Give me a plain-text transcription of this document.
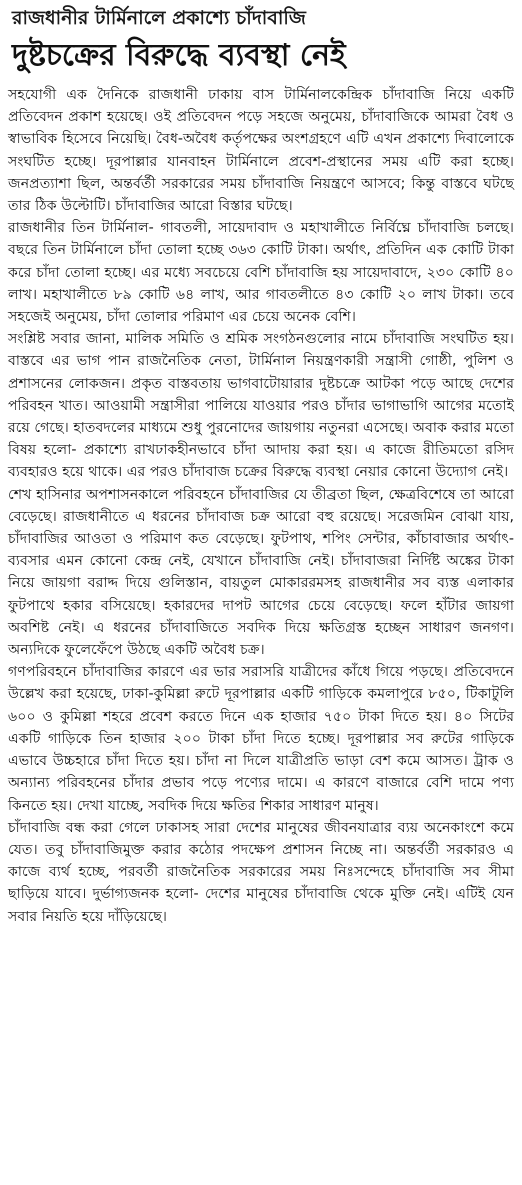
রাজধানীর টার্মিনালে প্রকাশ্যে চাঁদাবাজি
দুষ্টচক্রের বিরুদ্ধে ব্যবস্থা নেই

সহযোগী এক দৈনিকে রাজধানী ঢাকায় বাস টার্মিনালকেন্দ্রিক চাঁদাবাজি নিয়ে একটি প্রতিবেদন প্রকাশ হয়েছে। ওই প্রতিবেদন পড়ে সহজে অনুমেয়, চাঁদাবাজিকে আমরা বৈধ ও স্বাভাবিক হিসেবে নিয়েছি। বৈধ-অবৈধ কর্তৃপক্ষের অংশগ্রহণে এটি এখন প্রকাশ্যে দিবালোকে সংঘটিত হচ্ছে। দূরপাল্লার যানবাহন টার্মিনালে প্রবেশ-প্রস্থানের সময় এটি করা হচ্ছে। জনপ্রত্যাশা ছিল, অন্তর্বর্তী সরকারের সময় চাঁদাবাজি নিয়ন্ত্রণে আসবে; কিন্তু বাস্তবে ঘটছে তার ঠিক উল্টোটি। চাঁদাবাজির আরো বিস্তার ঘটছে।

রাজধানীর তিন টার্মিনাল- গাবতলী, সায়েদাবাদ ও মহাখালীতে নির্বিঘ্নে চাঁদাবাজি চলছে। বছরে তিন টার্মিনালে চাঁদা তোলা হচ্ছে ৩৬৩ কোটি টাকা। অর্থাৎ, প্রতিদিন এক কোটি টাকা করে চাঁদা তোলা হচ্ছে। এর মধ্যে সবচেয়ে বেশি চাঁদাবাজি হয় সায়েদাবাদে, ২৩০ কোটি ৪০ লাখ। মহাখালীতে ৮৯ কোটি ৬৪ লাখ, আর গাবতলীতে ৪৩ কোটি ২০ লাখ টাকা। তবে সহজেই অনুমেয়, চাঁদা তোলার পরিমাণ এর চেয়ে অনেক বেশি।

সংশ্লিষ্ট সবার জানা, মালিক সমিতি ও শ্রমিক সংগঠনগুলোর নামে চাঁদাবাজি সংঘটিত হয়। বাস্তবে এর ভাগ পান রাজনৈতিক নেতা, টার্মিনাল নিয়ন্ত্রণকারী সন্ত্রাসী গোষ্ঠী, পুলিশ ও প্রশাসনের লোকজন। প্রকৃত বাস্তবতায় ভাগবাটোয়ারার দুষ্টচক্রে আটকা পড়ে আছে দেশের পরিবহন খাত। আওয়ামী সন্ত্রাসীরা পালিয়ে যাওয়ার পরও চাঁদার ভাগাভাগি আগের মতোই রয়ে গেছে। হাতবদলের মাধ্যমে শুধু পুরনোদের জায়গায় নতুনরা এসেছে। অবাক করার মতো বিষয় হলো- প্রকাশ্যে রাখঢাকহীনভাবে চাঁদা আদায় করা হয়। এ কাজে রীতিমতো রসিদ ব্যবহারও হয়ে থাকে। এর পরও চাঁদাবাজ চক্রের বিরুদ্ধে ব্যবস্থা নেয়ার কোনো উদ্যোগ নেই।

শেখ হাসিনার অপশাসনকালে পরিবহনে চাঁদাবাজির যে তীব্রতা ছিল, ক্ষেত্রবিশেষে তা আরো বেড়েছে। রাজধানীতে এ ধরনের চাঁদাবাজ চক্র আরো বহু রয়েছে। সরেজমিন বোঝা যায়, চাঁদাবাজির আওতা ও পরিমাণ কত বেড়েছে। ফুটপাথ, শপিং সেন্টার, কাঁচাবাজার অর্থাৎ- ব্যবসার এমন কোনো কেন্দ্র নেই, যেখানে চাঁদাবাজি নেই। চাঁদাবাজরা নির্দিষ্ট অঙ্কের টাকা নিয়ে জায়গা বরাদ্দ দিয়ে গুলিস্তান, বায়তুল মোকাররমসহ রাজধানীর সব ব্যস্ত এলাকার ফুটপাথে হকার বসিয়েছে। হকারদের দাপট আগের চেয়ে বেড়েছে। ফলে হাঁটার জায়গা অবশিষ্ট নেই। এ ধরনের চাঁদাবাজিতে সবদিক দিয়ে ক্ষতিগ্রস্ত হচ্ছেন সাধারণ জনগণ। অন্যদিকে ফুলেফেঁপে উঠছে একটি অবৈধ চক্র।

গণপরিবহনে চাঁদাবাজির কারণে এর ভার সরাসরি যাত্রীদের কাঁধে গিয়ে পড়ছে। প্রতিবেদনে উল্লেখ করা হয়েছে, ঢাকা-কুমিল্লা রুটে দূরপাল্লার একটি গাড়িকে কমলাপুরে ৮৫০, টিকাটুলি ৬০০ ও কুমিল্লা শহরে প্রবেশ করতে দিনে এক হাজার ৭৫০ টাকা দিতে হয়। ৪০ সিটের একটি গাড়িকে তিন হাজার ২০০ টাকা চাঁদা দিতে হচ্ছে। দূরপাল্লার সব রুটের গাড়িকে এভাবে উচ্চহারে চাঁদা দিতে হয়। চাঁদা না দিলে যাত্রীপ্রতি ভাড়া বেশ কমে আসত। ট্রাক ও অন্যান্য পরিবহনের চাঁদার প্রভাব পড়ে পণ্যের দামে। এ কারণে বাজারে বেশি দামে পণ্য কিনতে হয়। দেখা যাচ্ছে, সবদিক দিয়ে ক্ষতির শিকার সাধারণ মানুষ।

চাঁদাবাজি বন্ধ করা গেলে ঢাকাসহ সারা দেশের মানুষের জীবনযাত্রার ব্যয় অনেকাংশে কমে যেত। তবু চাঁদাবাজিমুক্ত করার কঠোর পদক্ষেপ প্রশাসন নিচ্ছে না। অন্তর্বর্তী সরকারও এ কাজে ব্যর্থ হচ্ছে, পরবর্তী রাজনৈতিক সরকারের সময় নিঃসন্দেহে চাঁদাবাজি সব সীমা ছাড়িয়ে যাবে। দুর্ভাগ্যজনক হলো- দেশের মানুষের চাঁদাবাজি থেকে মুক্তি নেই। এটিই যেন সবার নিয়তি হয়ে দাঁড়িয়েছে।
